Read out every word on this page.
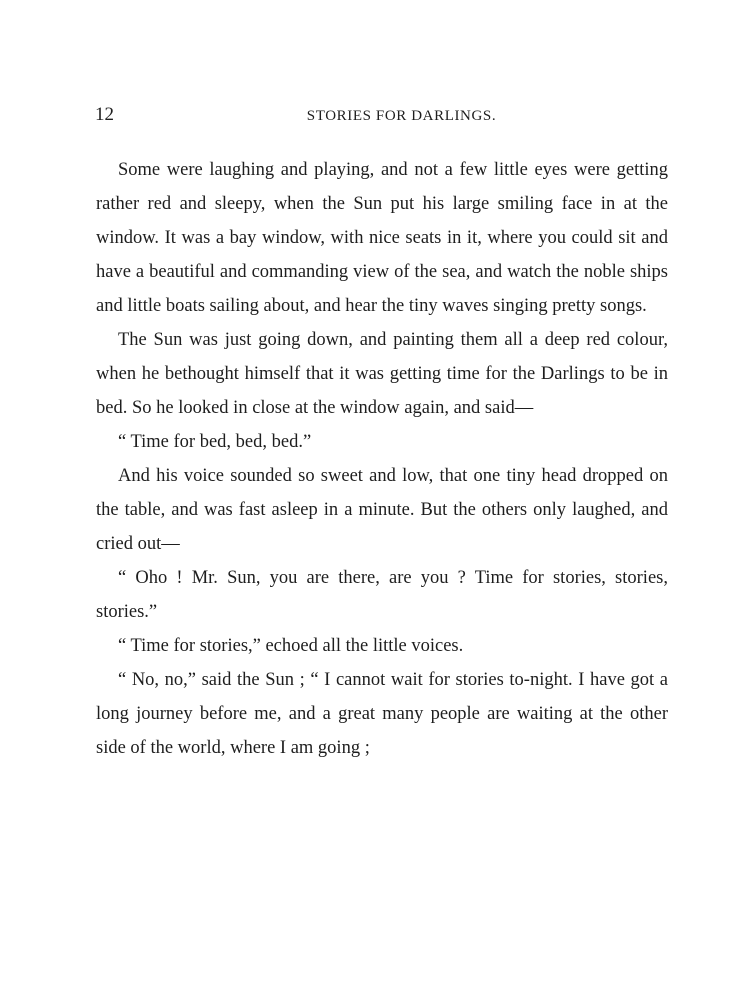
12	STORIES FOR DARLINGS.

Some were laughing and playing, and not a few little eyes were getting rather red and sleepy, when the Sun put his large smiling face in at the window. It was a bay window, with nice seats in it, where you could sit and have a beautiful and commanding view of the sea, and watch the noble ships and little boats sailing about, and hear the tiny waves singing pretty songs.

The Sun was just going down, and painting them all a deep red colour, when he bethought himself that it was getting time for the Darlings to be in bed. So he looked in close at the window again, and said—

“ Time for bed, bed, bed.”

And his voice sounded so sweet and low, that one tiny head dropped on the table, and was fast asleep in a minute. But the others only laughed, and cried out—

“ Oho ! Mr. Sun, you are there, are you ? Time for stories, stories, stories.”

“ Time for stories,” echoed all the little voices.

“ No, no,” said the Sun ; “ I cannot wait for stories to-night. I have got a long journey before me, and a great many people are waiting at the other side of the world, where I am going ;
